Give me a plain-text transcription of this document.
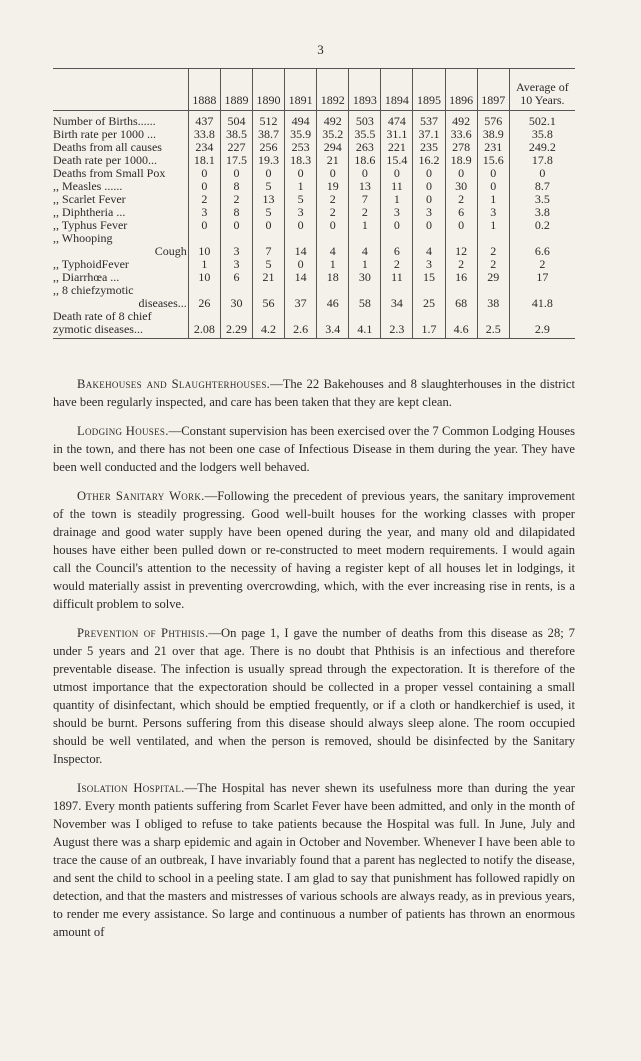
3
	1888	1889	1890	1891	1892	1893	1894	1895	1896	1897	Average of
10 Years.
Number of Births......	437	504	512	494	492	503	474	537	492	576	502.1
Birth rate per 1000 ...	33.8	38.5	38.7	35.9	35.2	35.5	31.1	37.1	33.6	38.9	35.8
Deaths from all causes	234	227	256	253	294	263	221	235	278	231	249.2
Death rate per 1000...	18.1	17.5	19.3	18.3	21	18.6	15.4	16.2	18.9	15.6	17.8
Deaths from Small Pox	0	0	0	0	0	0	0	0	0	0	0
,, Measles ......	0	8	5	1	19	13	11	0	30	0	8.7
,, Scarlet Fever	2	2	13	5	2	7	1	0	2	1	3.5
,, Diphtheria ...	3	8	5	3	2	2	3	3	6	3	3.8
,, Typhus Fever	0	0	0	0	0	1	0	0	0	1	0.2

,, Whooping
Cough	10	3	7	14	4	4	6	4	12	2	6.6
,, TyphoidFever	1	3	5	0	1	1	2	3	2	2	2
,, Diarrhœa ...	10	6	21	14	18	30	11	15	16	29	17

,, 8 chiefzymotic
diseases...	26	30	56	37	46	58	34	25	68	38	41.8

Death rate of 8 chief
zymotic diseases...	2.08	2.29	4.2	2.6	3.4	4.1	2.3	1.7	4.6	2.5	2.9

Bakehouses and Slaughterhouses.—The 22 Bakehouses and 8 slaughterhouses in the district have been regularly inspected, and care has been taken that they are kept clean.

Lodging Houses.—Constant supervision has been exercised over the 7 Common Lodging Houses in the town, and there has not been one case of Infectious Disease in them during the year. They have been well conducted and the lodgers well behaved.

Other Sanitary Work.—Following the precedent of previous years, the sanitary improvement of the town is steadily progressing. Good well-built houses for the working classes with proper drainage and good water supply have been opened during the year, and many old and dilapidated houses have either been pulled down or re-constructed to meet modern requirements. I would again call the Council's attention to the necessity of having a register kept of all houses let in lodgings, it would materially assist in preventing overcrowding, which, with the ever increasing rise in rents, is a difficult problem to solve.

Prevention of Phthisis.—On page 1, I gave the number of deaths from this disease as 28; 7 under 5 years and 21 over that age. There is no doubt that Phthisis is an infectious and therefore preventable disease. The infection is usually spread through the expectoration. It is therefore of the utmost importance that the expectoration should be collected in a proper vessel containing a small quantity of disinfectant, which should be emptied frequently, or if a cloth or handkerchief is used, it should be burnt. Persons suffering from this disease should always sleep alone. The room occupied should be well ventilated, and when the person is removed, should be disinfected by the Sanitary Inspector.

Isolation Hospital.—The Hospital has never shewn its usefulness more than during the year 1897. Every month patients suffering from Scarlet Fever have been admitted, and only in the month of November was I obliged to refuse to take patients because the Hospital was full. In June, July and August there was a sharp epidemic and again in October and November. Whenever I have been able to trace the cause of an outbreak, I have invariably found that a parent has neglected to notify the disease, and sent the child to school in a peeling state. I am glad to say that punishment has followed rapidly on detection, and that the masters and mistresses of various schools are always ready, as in previous years, to render me every assistance. So large and continuous a number of patients has thrown an enormous amount of
